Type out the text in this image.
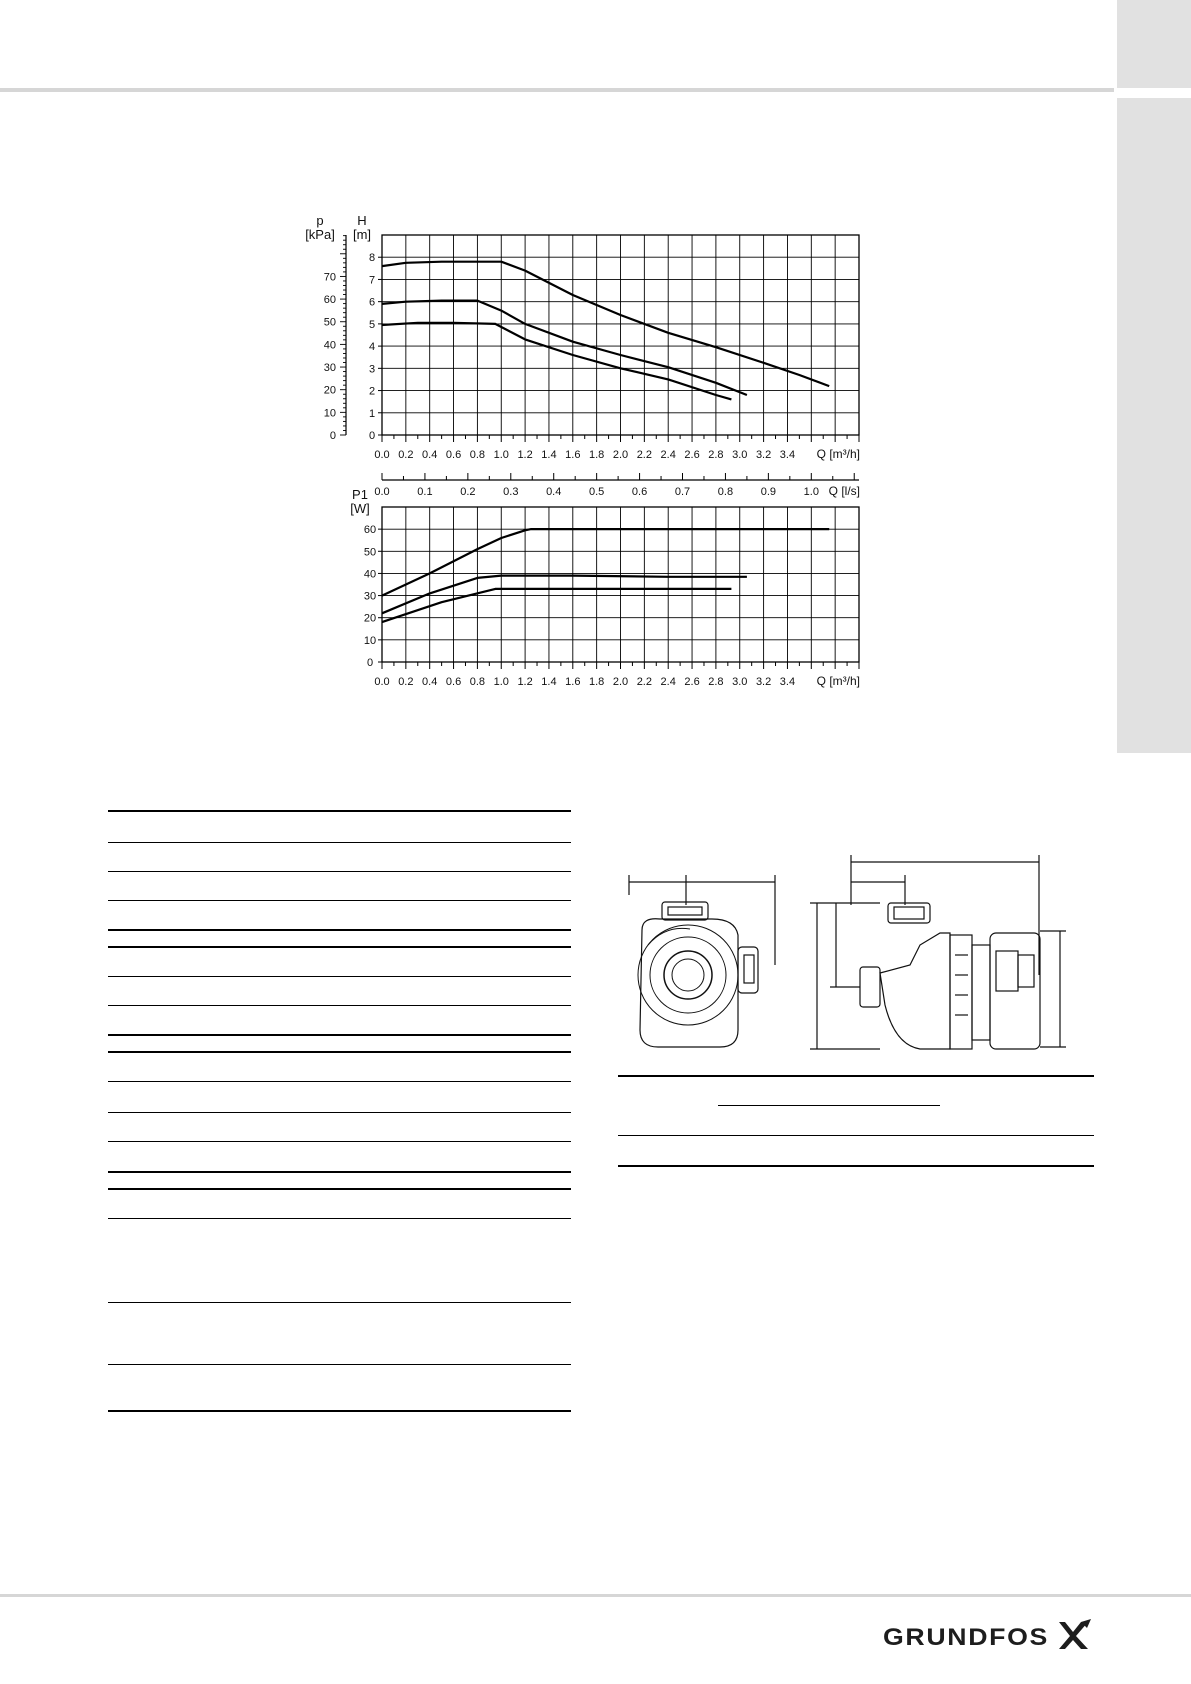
0
1
2
3
4
5
6
7
8
0
10
20
30
40
50
60
70
p
[kPa]
H
[m]
0.0 0.2 0.4 0.6 0.8 1.0 1.2 1.4 1.6 1.8 2.0 2.2 2.4 2.6 2.8 3.0 3.2 3.4 Q [m³/h]
0.0	0.1	0.2	0.3	0.4	0.5	0.6	0.7	0.8	0.9	1.0 Q [l/s]
0
10
20
30
40
50
60
P1
[W]
0.0 0.2 0.4 0.6 0.8 1.0 1.2 1.4 1.6 1.8 2.0 2.2 2.4 2.6 2.8 3.0 3.2 3.4 Q [m³/h]
GRUNDFOS
